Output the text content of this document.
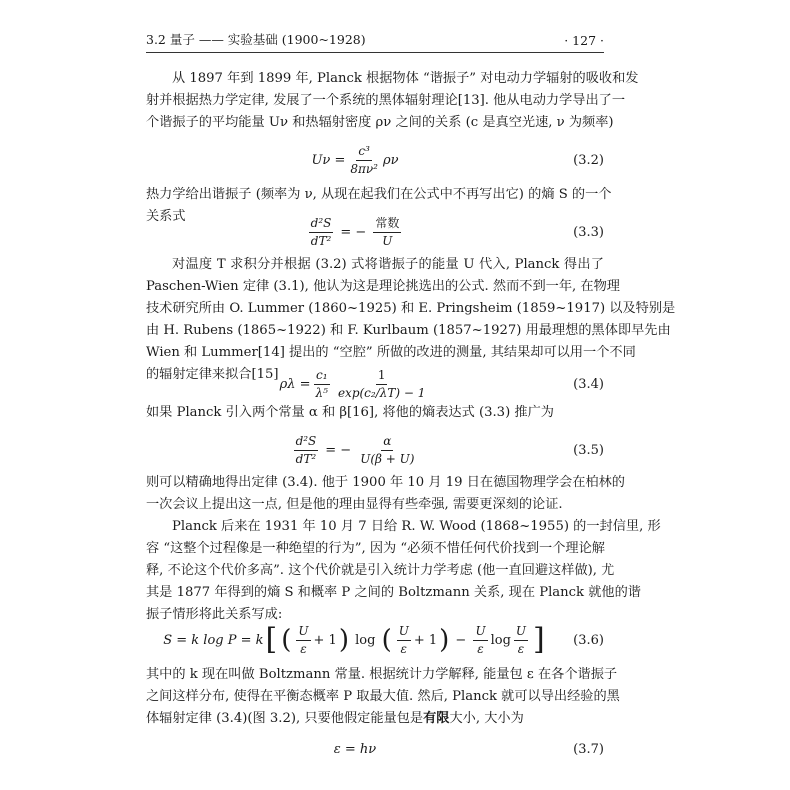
3.2 量子 —— 实验基础 (1900~1928)	· 127 ·
从 1897 年到 1899 年, Planck 根据物体 “谐振子” 对电动力学辐射的吸收和发
射并根据热力学定律, 发展了一个系统的黑体辐射理论[13]. 他从电动力学导出了一
个谐振子的平均能量 Uν 和热辐射密度 ρν 之间的关系 (c 是真空光速, ν 为频率)
$U\nu = \frac{\text{c³}}{\text{8πν²}}$ ρν	(3.2)
热力学给出谐振子 (频率为 ν, 从现在起我们在公式中不再写出它) 的熵 S 的一个
关系式	$\frac{\text{d²S}}{\text{dT²}}$ = − $\frac{\text{常数}}{U}$	(3.3)
对温度 T 求积分并根据 (3.2) 式将谐振子的能量 U 代入, Planck 得出了
Paschen-Wien 定律 (3.1), 他认为这是理论挑选出的公式. 然而不到一年, 在物理
技术研究所由 O. Lummer (1860~1925) 和 E. Pringsheim (1859~1917) 以及特别是
由 H. Rubens (1865~1922) 和 F. Kurlbaum (1857~1927) 用最理想的黑体即早先由
Wien 和 Lummer[14] 提出的 “空腔” 所做的改进的测量, 其结果却可以用一个不同
的辐射定律来拟合[15]
$\rho\lambda = \frac{\text{c₁}}{\text{λ⁵}} \frac{1}{\text{exp(c₂/λT) − 1}}$	(3.4)
如果 Planck 引入两个常量 α 和 β[16], 将他的熵表达式 (3.3) 推广为
$\frac{\text{d²S}}{\text{dT²}}$ = − $\frac{\alpha}{U(\beta + U)}$	(3.5)
则可以精确地得出定律 (3.4). 他于 1900 年 10 月 19 日在德国物理学会在柏林的
一次会议上提出这一点, 但是他的理由显得有些牵强, 需要更深刻的论证.
Planck 后来在 1931 年 10 月 7 日给 R. W. Wood (1868~1955) 的一封信里, 形
容 “这整个过程像是一种绝望的行为”, 因为 “必须不惜任何代价找到一个理论解
释, 不论这个代价多高”. 这个代价就是引入统计力学考虑 (他一直回避这样做), 尤
其是 1877 年得到的熵 S 和概率 P 之间的 Boltzmann 关系, 现在 Planck 就他的谐
振子情形将此关系写成:
S = k log P = k [ ( $\frac{U}{\varepsilon} + 1$ ) log ( $\frac{U}{\varepsilon} + 1$ ) − $\frac{U}{\varepsilon}$ $\log \frac{U}{\varepsilon}$ ]	(3.6)
其中的 k 现在叫做 Boltzmann 常量. 根据统计力学解释, 能量包 ε 在各个谐振子
之间这样分布, 使得在平衡态概率 P 取最大值. 然后, Planck 就可以导出经验的黑
体辐射定律 (3.4)(图 3.2), 只要他假定能量包是有限大小, 大小为
ε = hν	(3.7)
